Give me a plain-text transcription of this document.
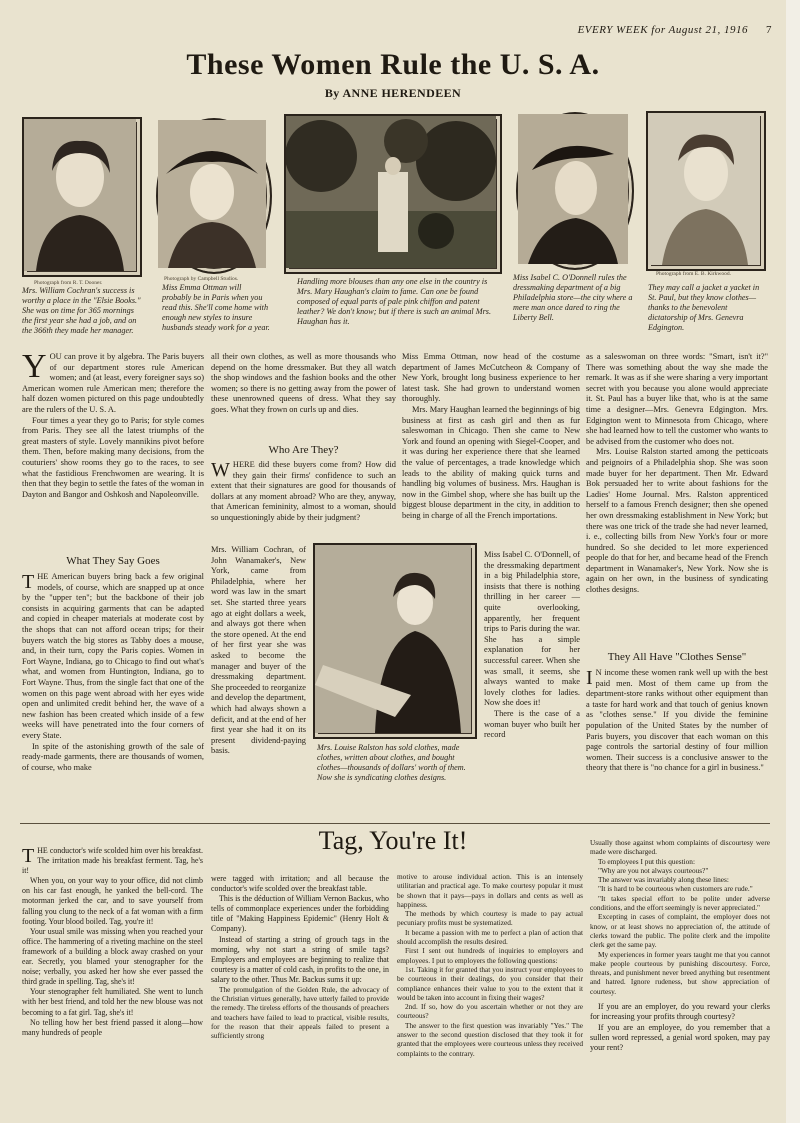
EVERY WEEK for August 21, 1916 7
These Women Rule the U. S. A.
By ANNE HERENDEEN
Photograph from R. T. Dooner.
Photograph by Campbell Studios.
Photograph from E. B. Kirkwood.
Mrs. William Cochran's success is worthy a place in the "Elsie Books." She was on time for 365 mornings the first year she had a job, and on the 366th they made her manager.
Miss Emma Ottman will probably be in Paris when you read this. She'll come home with enough new styles to insure husbands steady work for a year.
Handling more blouses than any one else in the country is Mrs. Mary Haughan's claim to fame. Can one be found composed of equal parts of pale pink chiffon and patent leather? We don't know; but if there is such an animal Mrs. Haughan has it.
Miss Isabel C. O'Donnell rules the dressmaking department of a big Philadelphia store—the city where a mere man once dared to ring the Liberty Bell.
They may call a jacket a yacket in St. Paul, but they know clothes—thanks to the benevolent dictatorship of Mrs. Genevra Edgington.
Y OU can prove it by algebra. The Paris buyers of our department stores rule American women; and (at least, every foreigner says so) American women rule American men; therefore the half dozen women pictured on this page undoubtedly are the rulers of the U. S. A.

Four times a year they go to Paris; for style comes from Paris. They see all the latest triumphs of the great masters of style. Lovely mannikins pivot before them. Then, before making many decisions, from the couturiers' show rooms they go to the races, to see what the fastidious Frenchwomen are wearing. It is then that they begin to settle the fates of the woman in Dayton and Bangor and Oshkosh and Napoleonville.

What They Say Goes
T HE American buyers bring back a few original models, of course, which are snapped up at once by the "upper ten"; but the backbone of their job consists in acquiring garments that can be adapted and copied in cheaper materials at moderate cost by the shops that can not afford ocean trips; for their buyers watch the big stores as Tabby does a mouse, and, in their turn, copy the Paris copies. Women in Fort Wayne, Indiana, go to Chicago to find out what's what, and women from Huntington, Indiana, go to Fort Wayne. Thus, from the single fact that one of the women on this page went abroad with her eyes wide open and unlimited credit behind her, the wave of a new fashion has been created which inside of a few weeks will have penetrated into the four corners of every State.

In spite of the astonishing growth of the sale of ready-made garments, there are thousands of women, of course, who make

all their own clothes, as well as more thousands who depend on the home dressmaker. But they all watch the shop windows and the fashion books and the other women; so there is no getting away from the power of these unenrowned queens of dress. What they say goes. What they frown on curls up and dies.

Who Are They?
W HERE did these buyers come from? How did they gain their firms' confidence to such an extent that their signatures are good for thousands of dollars at any moment abroad? Who are they, anyway, that American femininity, almost to a woman, should so unquestioningly abide by their judgment?

Mrs. William Cochran, of John Wanamaker's, New York, came from Philadelphia, where her word was law in the smart set. She started three years ago at eight dollars a week, and always got there when the store opened. At the end of her first year she was asked to become the manager and buyer of the dressmaking department. She proceeded to reorganize and develop the department, which had always shown a deficit, and at the end of her first year she had it on its present dividend-paying basis.

Miss Emma Ottman, now head of the costume department of James McCutcheon & Company of New York, brought long business experience to her latest task. She had grown to understand women thoroughly.

Mrs. Mary Haughan learned the beginnings of big business at first as cash girl and then as fur saleswoman in Chicago. Then she came to New York and found an opening with Siegel-Cooper, and it was during her experience there that she learned the value of percentages, a trade knowledge which leads to the ability of making quick turns and handling big volumes of business. Mrs. Haughan is now in the Gimbel shop, where she has built up the biggest blouse department in the city, in addition to being in charge of all the French importations.

Miss Isabel C. O'Donnell, of the dressmaking department in a big Philadelphia store, insists that there is nothing thrilling in her career —quite overlooking, apparently, her frequent trips to Paris during the war. She has a simple explanation for her successful career. When she was small, it seems, she always wanted to make lovely clothes for ladies. Now she does it!

There is the case of a woman buyer who built her record

Mrs. Louise Ralston has sold clothes, made clothes, written about clothes, and bought clothes—thousands of dollars' worth of them. Now she is syndicating clothes designs.

as a saleswoman on three words: "Smart, isn't it?" There was something about the way she made the remark. It was as if she were sharing a very important secret with you because you alone would appreciate it. St. Paul has a buyer like that, who is at the same time a designer—Mrs. Genevra Edgington. Mrs. Edgington went to Minnesota from Chicago, where she had learned how to tell the customer who wants to be advised from the customer who does not.

Mrs. Louise Ralston started among the petticoats and peignoirs of a Philadelphia shop. She was soon made buyer for her department. Then Mr. Edward Bok persuaded her to write about fashions for the Ladies' Home Journal. Mrs. Ralston apprenticed herself to a famous French designer; then she opened her own dressmaking establishment in New York; but there was one trick of the trade she had never learned, i. e., collecting bills from New York's four or more hundred. So she decided to let more experienced people do that for her, and became head of the French department in Wanamaker's, New York. Now she is again on her own, in the business of syndicating clothes designs.

They All Have "Clothes Sense"
I N income these women rank well up with the best paid men. Most of them came up from the department-store ranks without other equipment than a taste for hard work and that touch of genius known as "clothes sense." If you divide the feminine population of the United States by the number of Paris buyers, you discover that each woman on this page controls the sartorial destiny of four million women. Their success is a conclusive answer to the theory that there is "no chance for a girl in business."

Tag, You're It!
T HE conductor's wife scolded him over his breakfast. The irritation made his breakfast ferment. Tag, he's it!

When you, on your way to your office, did not climb on his car fast enough, he yanked the bell-cord. The motorman jerked the car, and to save yourself from falling you clung to the neck of a fat woman with a firm footing. Your blood boiled. Tag, you're it!

Your usual smile was missing when you reached your office. The hammering of a riveting machine on the steel framework of a building a block away crashed on your ear. Secretly, you blamed your stenographer for the noise; verbally, you asked her how she ever passed the third grade in spelling. Tag, she's it!

Your stenographer felt humiliated. She went to lunch with her best friend, and told her the new blouse was not becoming to a fat girl. Tag, she's it!

No telling how her best friend passed it along—how many hundreds of people

were tagged with irritation; and all because the conductor's wife scolded over the breakfast table.

This is the déduction of William Vernon Backus, who tells of commonplace experiences under the forbidding title of "Making Happiness Epidemic" (Henry Holt & Company).

Instead of starting a string of grouch tags in the morning, why not start a string of smile tags? Employers and employees are beginning to realize that courtesy is a matter of cold cash, in profits to the one, in salary to the other. Thus Mr. Backus sums it up:

The promulgation of the Golden Rule, the advocacy of the Christian virtues generally, have utterly failed to provide the remedy. The tireless efforts of the thousands of preachers and teachers have failed to lead to practical, visible results, for the reason that their appeals failed to present a sufficiently strong

motive to arouse individual action. This is an intensely utilitarian and practical age. To make courtesy popular it must be shown that it pays—pays in dollars and cents as well as happiness.

The methods by which courtesy is made to pay actual pecuniary profits must be systematized.

It became a passion with me to perfect a plan of action that should accomplish the results desired.

First I sent out hundreds of inquiries to employers and employees. I put to employers the following questions:

1st. Taking it for granted that you instruct your employees to be courteous in their dealings, do you consider that their compliance enhances their value to you to the extent that it would be taken into account in fixing their wages?

2nd. If so, how do you ascertain whether or not they are courteous?

The answer to the first question was invariably "Yes." The answer to the second question disclosed that they took it for granted that the employees were courteous unless they received complaints to the contrary.

Usually those against whom complaints of discourtesy were made were discharged.

To employees I put this question:

"Why are you not always courteous?"

The answer was invariably along these lines:

"It is hard to be courteous when customers are rude."

"It takes special effort to be polite under adverse conditions, and the effort seemingly is never appreciated."

Excepting in cases of complaint, the employer does not know, or at least shows no appreciation of, the attitude of clerks toward the public. The polite clerk and the impolite clerk get the same pay.

My experiences in former years taught me that you cannot make people courteous by punishing discourtesy. Force, threats, and punishment never breed anything but resentment and hatred. Ignore rudeness, but show appreciation of courtesy.

If you are an employer, do you reward your clerks for increasing your profits through courtesy?

If you are an employee, do you remember that a sullen word repressed, a genial word spoken, may pay your rent?
